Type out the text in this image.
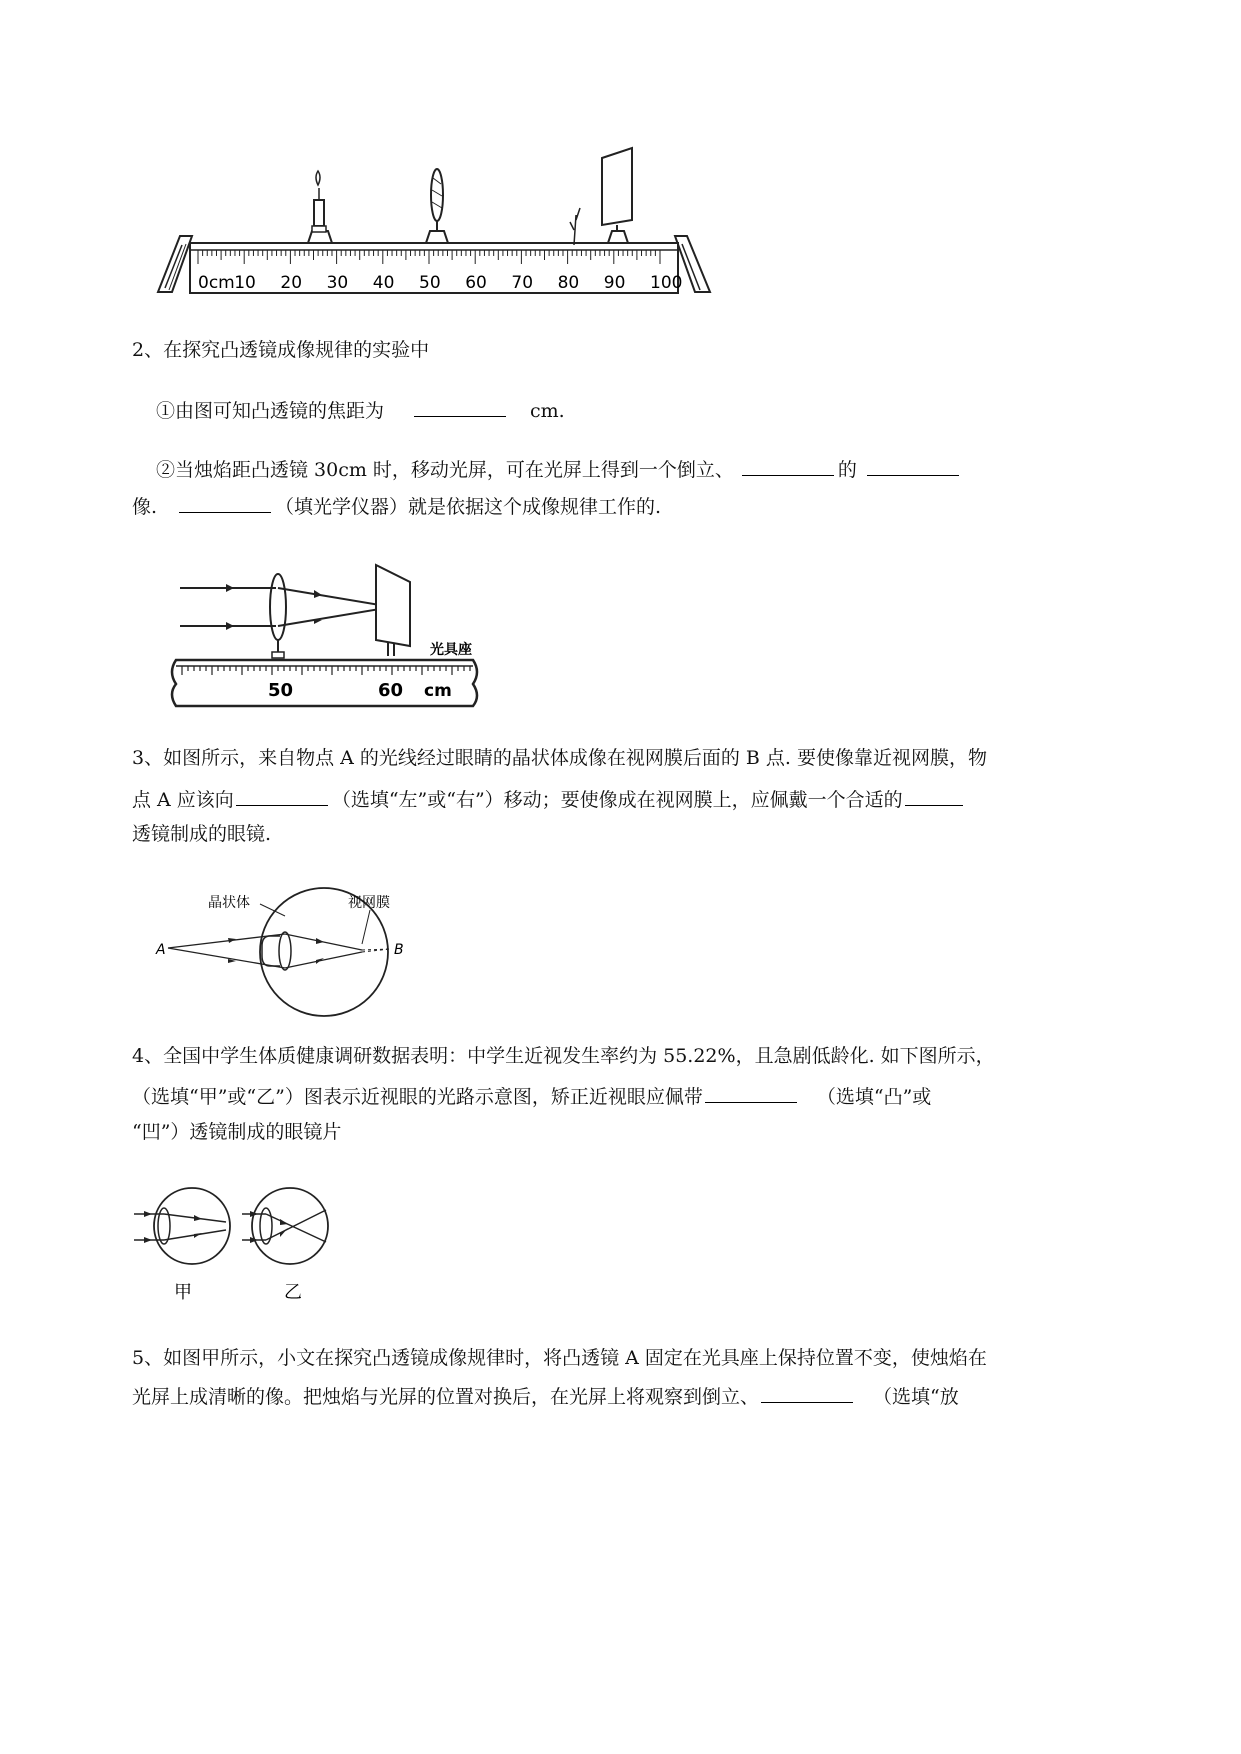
0cm 10 20 30 40 50 60 70 80 90 100
2、在探究凸透镜成像规律的实验中
①由图可知凸透镜的焦距为	cm.
②当烛焰距凸透镜 30cm 时，移动光屏，可在光屏上得到一个倒立、	的
像.	（填光学仪器）就是依据这个成像规律工作的.
光具座
50	60 cm
3、如图所示，来自物点 A 的光线经过眼睛的晶状体成像在视网膜后面的 B 点. 要使像靠近视网膜，物
点 A 应该向	（选填“左”或“右”）移动；要使像成在视网膜上，应佩戴一个合适的
透镜制成的眼镜.
晶状体	视网膜
A	B
4、全国中学生体质健康调研数据表明：中学生近视发生率约为 55.22%，且急剧低龄化. 如下图所示，
（选填“甲”或“乙”）图表示近视眼的光路示意图，矫正近视眼应佩带	（选填“凸”或
“凹”）透镜制成的眼镜片
甲	乙
5、如图甲所示，小文在探究凸透镜成像规律时，将凸透镜 A 固定在光具座上保持位置不变，使烛焰在
光屏上成清晰的像。把烛焰与光屏的位置对换后，在光屏上将观察到倒立、	（选填“放
